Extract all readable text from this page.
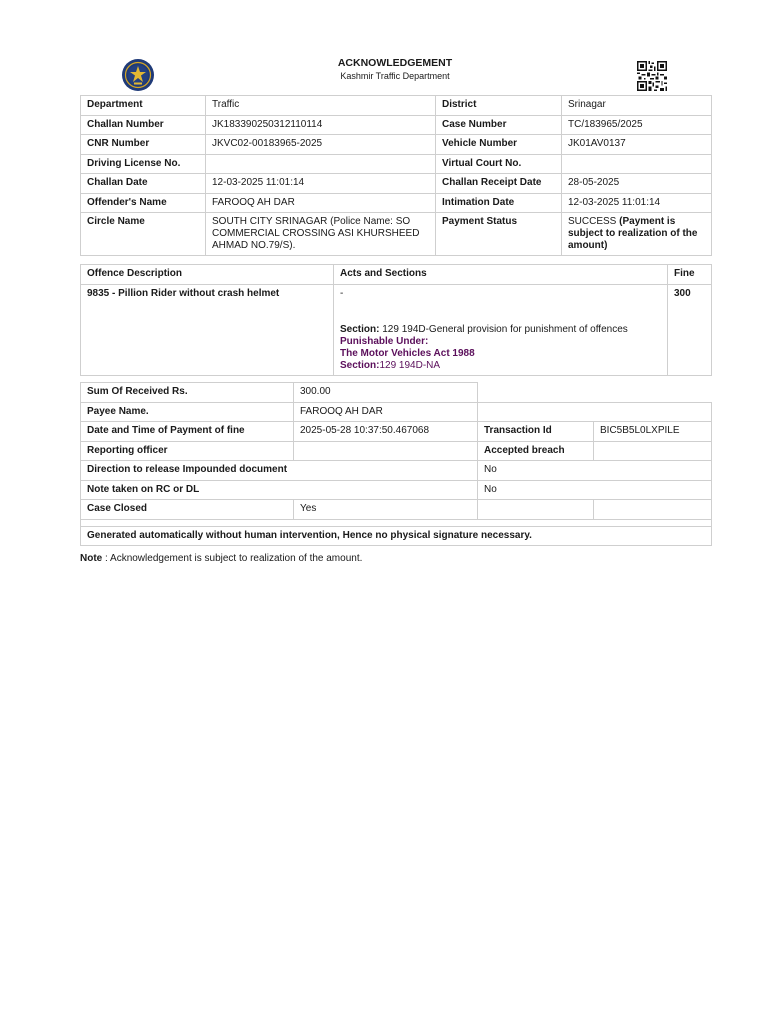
ACKNOWLEDGEMENT
Kashmir Traffic Department
Department	Traffic	District	Srinagar
Challan Number	JK183390250312110114	Case Number	TC/183965/2025
CNR Number	JKVC02-00183965-2025	Vehicle Number	JK01AV0137
Driving License No.		Virtual Court No.	
Challan Date	12-03-2025 11:01:14	Challan Receipt Date	28-05-2025
Offender's Name	FAROOQ AH DAR	Intimation Date	12-03-2025 11:01:14
Circle Name	SOUTH CITY SRINAGAR (Police Name: SO COMMERCIAL CROSSING ASI KHURSHEED AHMAD NO.79/S).	Payment Status	SUCCESS (Payment is subject to realization of the amount)
Offence Description	Acts and Sections	Fine
9835 - Pillion Rider without crash helmet	-
Section: 129 194D-General provision for punishment of offences
Punishable Under:
The Motor Vehicles Act 1988
Section:129 194D-NA	300
Sum Of Received Rs.	300.00		
Payee Name.	FAROOQ AH DAR		
Date and Time of Payment of fine	2025-05-28 10:37:50.467068	Transaction Id	BIC5B5L0LXPILE
Reporting officer		Accepted breach	
Direction to release Impounded document		No	
Note taken on RC or DL		No	
Case Closed	Yes		

Generated automatically without human intervention, Hence no physical signature necessary.			
Note : Acknowledgement is subject to realization of the amount.
